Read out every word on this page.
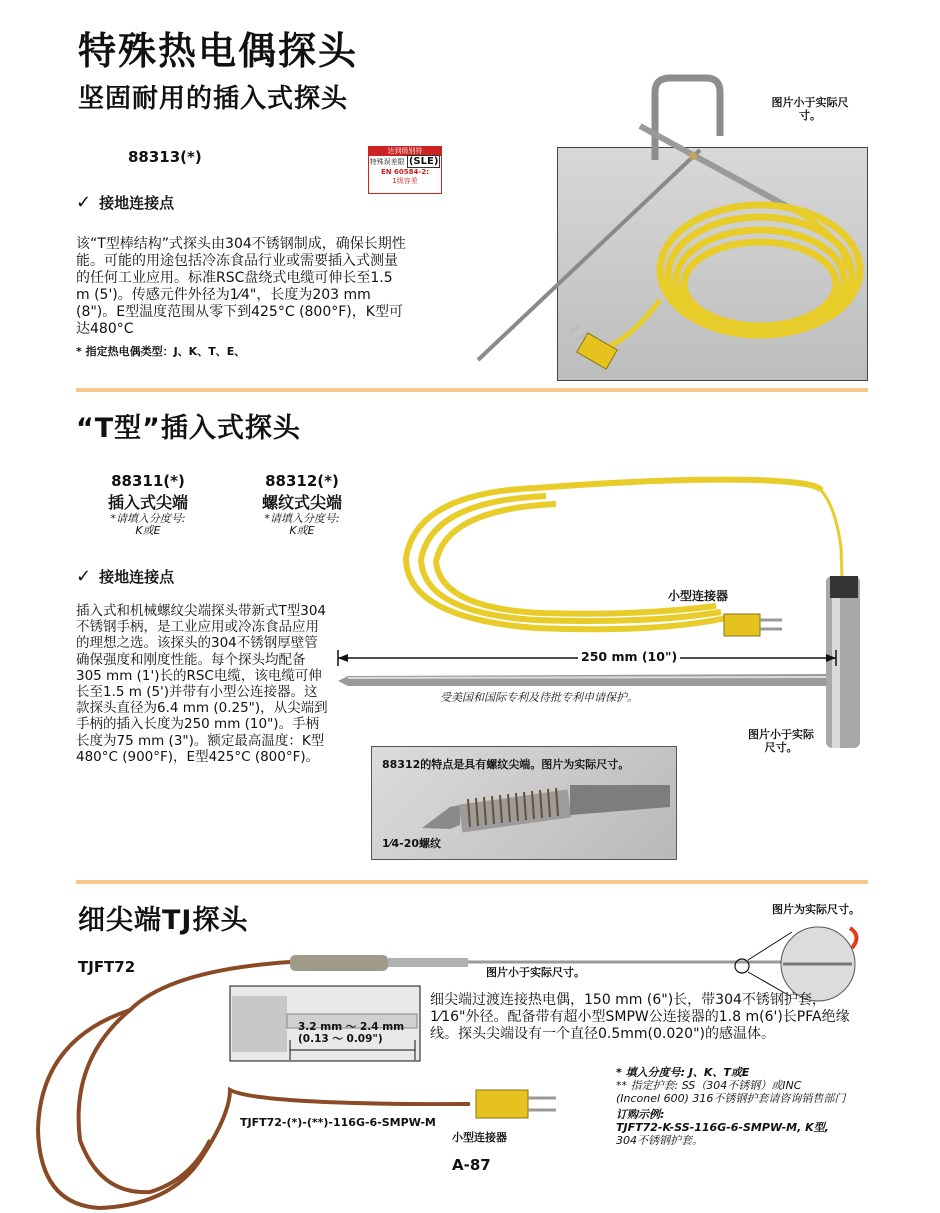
特殊热电偶探头
坚固耐用的插入式探头
88313(*)	达到级别符
特殊误差限 (SLE)
EN 60584-2:
1级容差
✓ 接地连接点
该“T型棒结构”式探头由304不锈钢制成，确保长期性能。可能的用途包括冷冻食品行业或需要插入式测量的任何工业应用。标准RSC盘绕式电缆可伸长至1.5 m (5')。传感元件外径为1⁄4"，长度为203 mm (8")。E型温度范围从零下到425°C (800°F)，K型可达480°C
* 指定热电偶类型：J、K、T、E、
图片小于实际尺寸。
“T型”插入式探头
88311(*)
插入式尖端
*请填入分度号:
K或E
88312(*)
螺纹式尖端
*请填入分度号:
K或E
✓ 接地连接点
插入式和机械螺纹尖端探头带新式T型304不锈钢手柄，是工业应用或冷冻食品应用的理想之选。该探头的304不锈钢厚壁管确保强度和刚度性能。每个探头均配备305 mm (1')长的RSC电缆，该电缆可伸长至1.5 m (5')并带有小型公连接器。这款探头直径为6.4 mm (0.25")，从尖端到手柄的插入长度为250 mm (10")。手柄长度为75 mm (3")。额定最高温度：K型480°C (900°F)，E型425°C (800°F)。
小型连接器
250 mm (10")
受美国和国际专利及待批专利申请保护。
图片小于实际尺寸。
88312的特点是具有螺纹尖端。图片为实际尺寸。
1⁄4-20螺纹
细尖端TJ探头
TJFT72
图片为实际尺寸。
图片小于实际尺寸。
3.2 mm ～ 2.4 mm
(0.13 ～ 0.09")
细尖端过渡连接热电偶，150 mm (6")长，带304不锈钢护套，1⁄16"外径。配备带有超小型SMPW公连接器的1.8 m(6')长PFA绝缘线。探头尖端设有一个直径0.5mm(0.020")的感温体。
* 填入分度号: J、K、T或E
** 指定护套: SS（304不锈钢）或INC
(Inconel 600) 316不锈钢护套请咨询销售部门
订购示例:
TJFT72-K-SS-116G-6-SMPW-M, K型,
304不锈钢护套。
TJFT72-(*)-(**)-116G-6-SMPW-M
小型连接器
A-87
